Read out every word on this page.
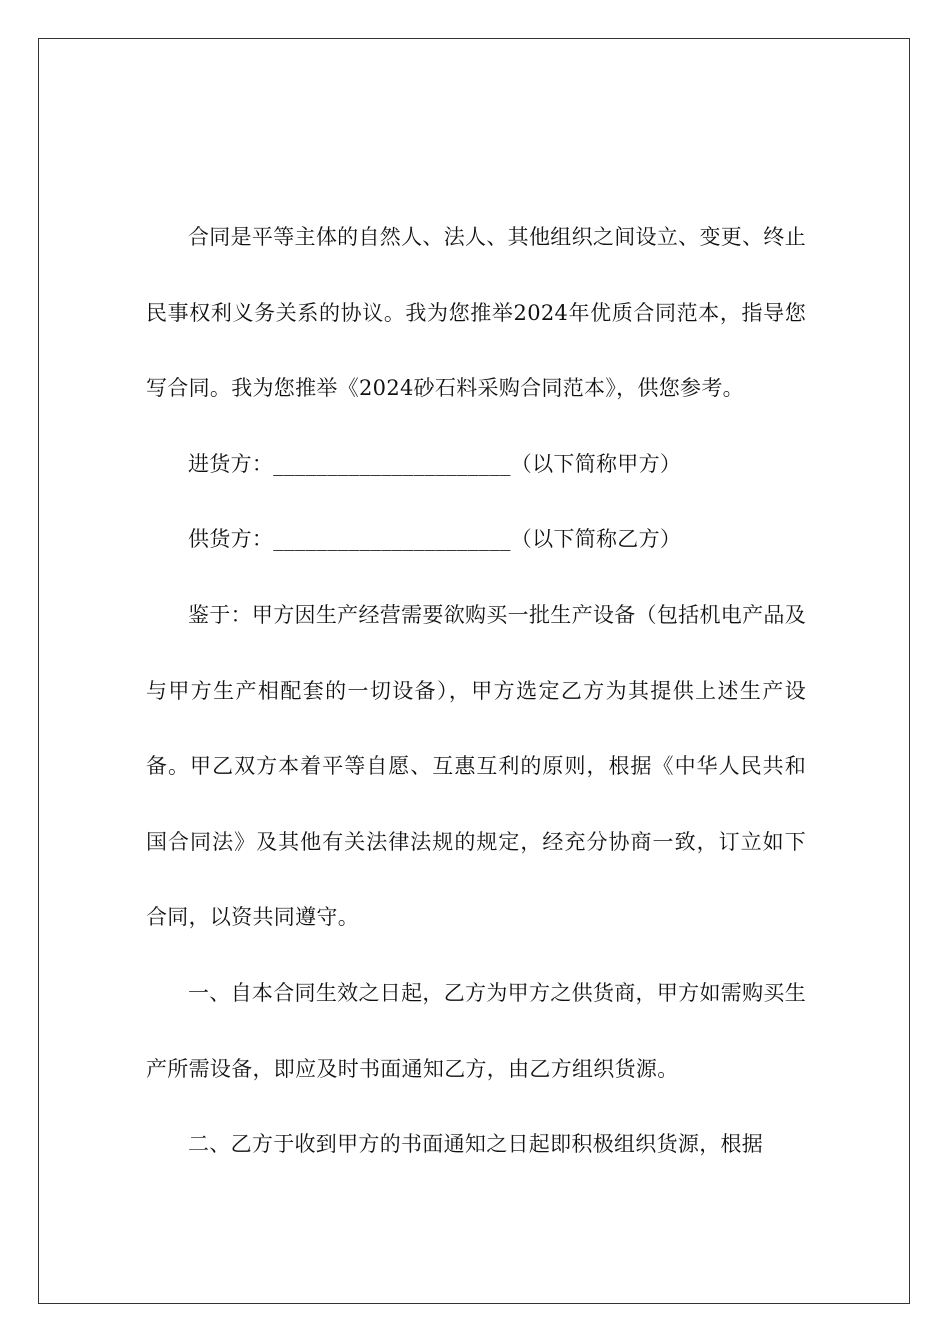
合同是平等主体的自然人、法人、其他组织之间设立、变更、终止民事权利义务关系的协议。我为您推举2024年优质合同范本，指导您写合同。我为您推举《2024砂石料采购合同范本》，供您参考。

进货方：______________________（以下简称甲方）

供货方：______________________（以下简称乙方）

鉴于：甲方因生产经营需要欲购买一批生产设备（包括机电产品及与甲方生产相配套的一切设备），甲方选定乙方为其提供上述生产设备。甲乙双方本着平等自愿、互惠互利的原则，根据《中华人民共和国合同法》及其他有关法律法规的规定，经充分协商一致，订立如下合同，以资共同遵守。

一、自本合同生效之日起，乙方为甲方之供货商，甲方如需购买生产所需设备，即应及时书面通知乙方，由乙方组织货源。

二、乙方于收到甲方的书面通知之日起即积极组织货源，根据
